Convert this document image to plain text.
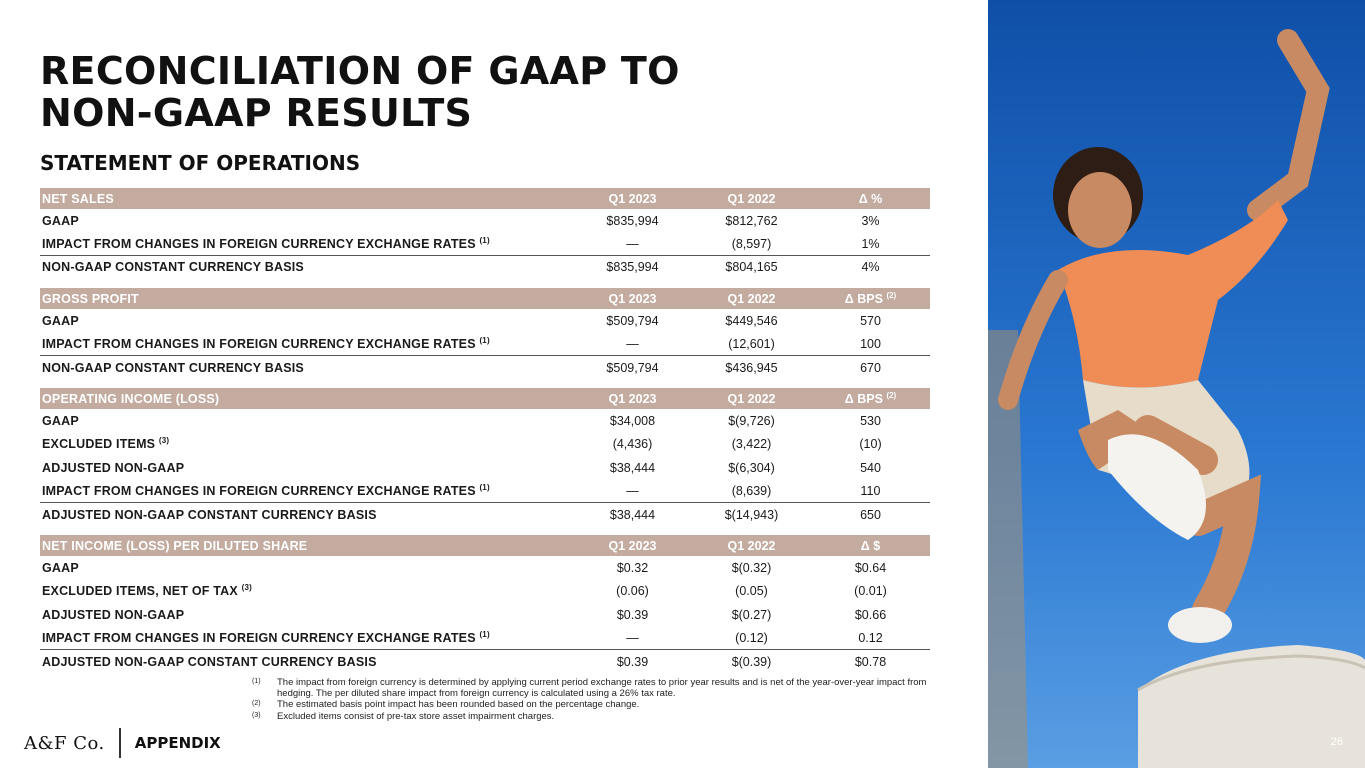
RECONCILIATION OF GAAP TO
NON-GAAP RESULTS
STATEMENT OF OPERATIONS
NET SALES	Q1 2023	Q1 2022	Δ %
GAAP	$835,994	$812,762	3%
IMPACT FROM CHANGES IN FOREIGN CURRENCY EXCHANGE RATES $^{(1)}$	—	(8,597)	1%
NON-GAAP CONSTANT CURRENCY BASIS	$835,994	$804,165	4%
GROSS PROFIT	Q1 2023	Q1 2022	Δ BPS $^{(2)}$
GAAP	$509,794	$449,546	570
IMPACT FROM CHANGES IN FOREIGN CURRENCY EXCHANGE RATES $^{(1)}$	—	(12,601)	100
NON-GAAP CONSTANT CURRENCY BASIS	$509,794	$436,945	670
OPERATING INCOME (LOSS)	Q1 2023	Q1 2022	Δ BPS $^{(2)}$
GAAP	$34,008	$(9,726)	530
EXCLUDED ITEMS $^{(3)}$	(4,436)	(3,422)	(10)
ADJUSTED NON-GAAP	$38,444	$(6,304)	540
IMPACT FROM CHANGES IN FOREIGN CURRENCY EXCHANGE RATES $^{(1)}$	—	(8,639)	110
ADJUSTED NON-GAAP CONSTANT CURRENCY BASIS	$38,444	$(14,943)	650
NET INCOME (LOSS) PER DILUTED SHARE	Q1 2023	Q1 2022	Δ $
GAAP	$0.32	$(0.32)	$0.64
EXCLUDED ITEMS, NET OF TAX $^{(3)}$	(0.06)	(0.05)	(0.01)
ADJUSTED NON-GAAP	$0.39	$(0.27)	$0.66
IMPACT FROM CHANGES IN FOREIGN CURRENCY EXCHANGE RATES $^{(1)}$	—	(0.12)	0.12
ADJUSTED NON-GAAP CONSTANT CURRENCY BASIS	$0.39	$(0.39)	$0.78
(1)	The impact from foreign currency is determined by applying current period exchange rates to prior year results and is net of the year-over-year impact from hedging. The per diluted share impact from foreign currency is calculated using a 26% tax rate.
(2)	The estimated basis point impact has been rounded based on the percentage change.
(3)	Excluded items consist of pre-tax store asset impairment charges.
A&F Co. APPENDIX	26
